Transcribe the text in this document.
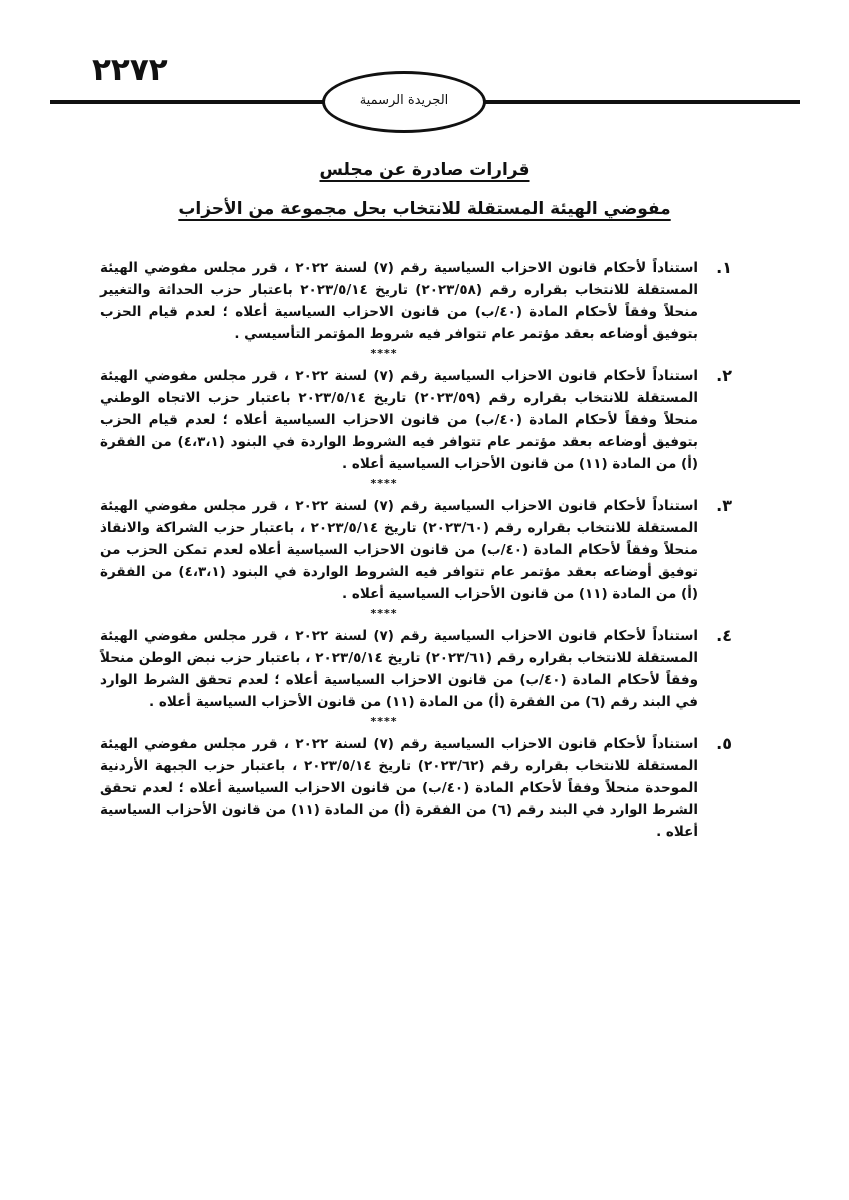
٢٢٧٢
الجريدة الرسمية
قرارات صادرة عن مجلس
مفوضي الهيئة المستقلة للانتخاب بحل مجموعة من الأحزاب
١.
استناداً لأحكام قانون الاحزاب السياسية رقم (٧) لسنة ٢٠٢٢ ، قرر مجلس مفوضي الهيئة المستقلة للانتخاب بقراره رقم (٢٠٢٣/٥٨) تاريخ ٢٠٢٣/٥/١٤ باعتبار حزب الحداثة والتغيير منحلاً وفقاً لأحكام المادة (٤٠/ب) من قانون الاحزاب السياسية أعلاه ؛ لعدم قيام الحزب بتوفيق أوضاعه بعقد مؤتمر عام تتوافر فيه شروط المؤتمر التأسيسي .
****
٢.
استناداً لأحكام قانون الاحزاب السياسية رقم (٧) لسنة ٢٠٢٢ ، قرر مجلس مفوضي الهيئة المستقلة للانتخاب بقراره رقم (٢٠٢٣/٥٩) تاريخ ٢٠٢٣/٥/١٤ باعتبار حزب الاتجاه الوطني منحلاً وفقاً لأحكام المادة (٤٠/ب) من قانون الاحزاب السياسية أعلاه ؛ لعدم قيام الحزب بتوفيق أوضاعه بعقد مؤتمر عام تتوافر فيه الشروط الواردة في البنود (٤،٣،١) من الفقرة (أ) من المادة (١١) من قانون الأحزاب السياسية أعلاه .
****
٣.
استناداً لأحكام قانون الاحزاب السياسية رقم (٧) لسنة ٢٠٢٢ ، قرر مجلس مفوضي الهيئة المستقلة للانتخاب بقراره رقم (٢٠٢٣/٦٠) تاريخ ٢٠٢٣/٥/١٤ ، باعتبار حزب الشراكة والانقاذ منحلاً وفقاً لأحكام المادة (٤٠/ب) من قانون الاحزاب السياسية أعلاه لعدم تمكن الحزب من توفيق أوضاعه بعقد مؤتمر عام تتوافر فيه الشروط الواردة في البنود (٤،٣،١) من الفقرة (أ) من المادة (١١) من قانون الأحزاب السياسية أعلاه .
****
٤.
استناداً لأحكام قانون الاحزاب السياسية رقم (٧) لسنة ٢٠٢٢ ، قرر مجلس مفوضي الهيئة المستقلة للانتخاب بقراره رقم (٢٠٢٣/٦١) تاريخ ٢٠٢٣/٥/١٤ ، باعتبار حزب نبض الوطن منحلاً وفقاً لأحكام المادة (٤٠/ب) من قانون الاحزاب السياسية أعلاه ؛ لعدم تحقق الشرط الوارد في البند رقم (٦) من الفقرة (أ) من المادة (١١) من قانون الأحزاب السياسية أعلاه .
****
٥.
استناداً لأحكام قانون الاحزاب السياسية رقم (٧) لسنة ٢٠٢٢ ، قرر مجلس مفوضي الهيئة المستقلة للانتخاب بقراره رقم (٢٠٢٣/٦٢) تاريخ ٢٠٢٣/٥/١٤ ، باعتبار حزب الجبهة الأردنية الموحدة منحلاً وفقاً لأحكام المادة (٤٠/ب) من قانون الاحزاب السياسية أعلاه ؛ لعدم تحقق الشرط الوارد في البند رقم (٦) من الفقرة (أ) من المادة (١١) من قانون الأحزاب السياسية أعلاه .
